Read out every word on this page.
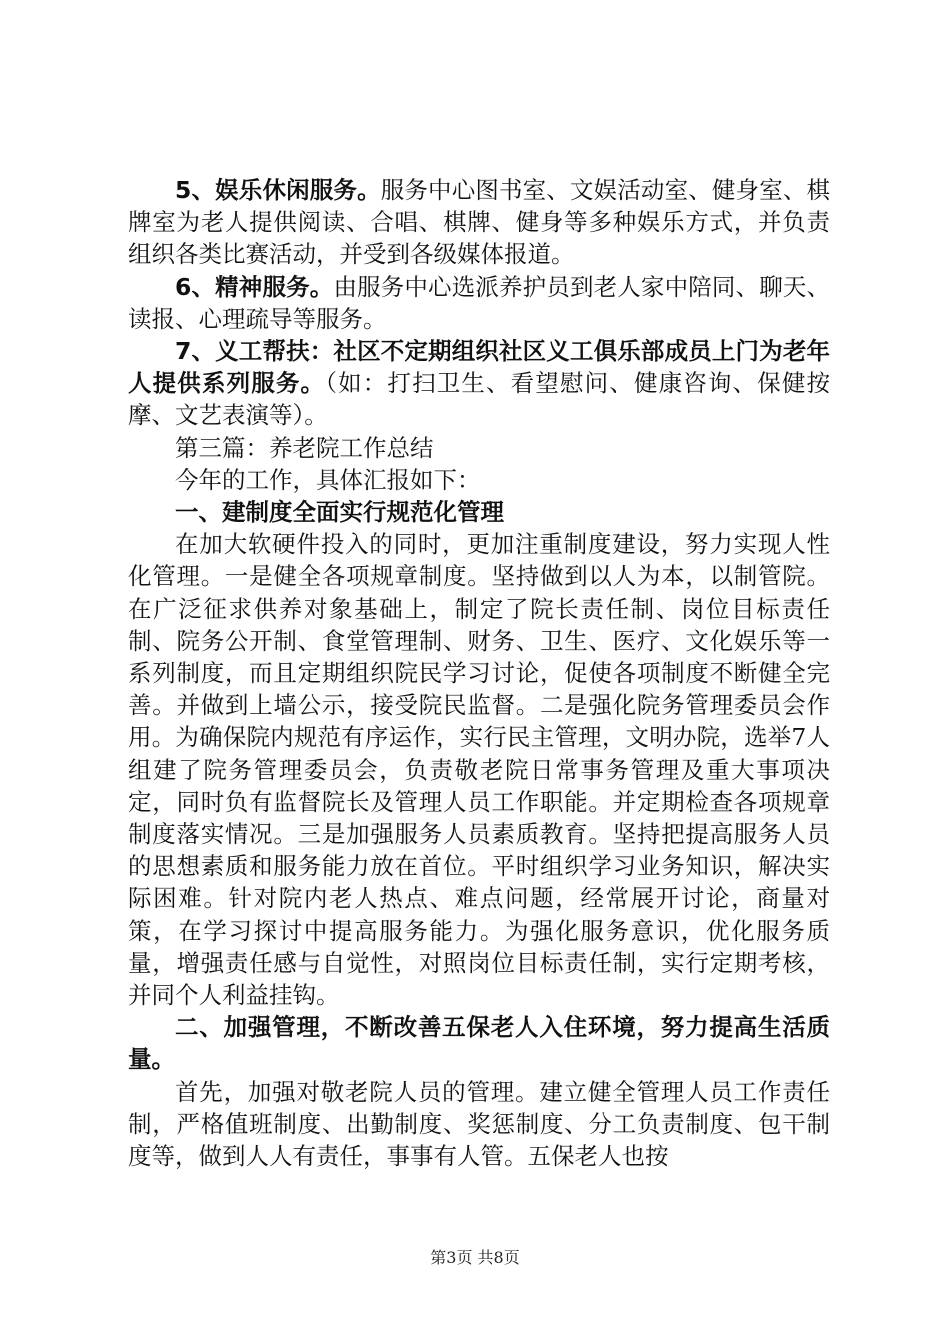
5、娱乐休闲服务。服务中心图书室、文娱活动室、健身室、棋牌室为老人提供阅读、合唱、棋牌、健身等多种娱乐方式，并负责组织各类比赛活动，并受到各级媒体报道。

6、精神服务。由服务中心选派养护员到老人家中陪同、聊天、读报、心理疏导等服务。

7、义工帮扶：社区不定期组织社区义工俱乐部成员上门为老年人提供系列服务。（如：打扫卫生、看望慰问、健康咨询、保健按摩、文艺表演等）。

第三篇：养老院工作总结

今年的工作，具体汇报如下：

一、建制度全面实行规范化管理

在加大软硬件投入的同时，更加注重制度建设，努力实现人性化管理。一是健全各项规章制度。坚持做到以人为本，以制管院。在广泛征求供养对象基础上，制定了院长责任制、岗位目标责任制、院务公开制、食堂管理制、财务、卫生、医疗、文化娱乐等一系列制度，而且定期组织院民学习讨论，促使各项制度不断健全完善。并做到上墙公示，接受院民监督。二是强化院务管理委员会作用。为确保院内规范有序运作，实行民主管理，文明办院，选举7人组建了院务管理委员会，负责敬老院日常事务管理及重大事项决定，同时负有监督院长及管理人员工作职能。并定期检查各项规章制度落实情况。三是加强服务人员素质教育。坚持把提高服务人员的思想素质和服务能力放在首位。平时组织学习业务知识，解决实际困难。针对院内老人热点、难点问题，经常展开讨论，商量对策，在学习探讨中提高服务能力。为强化服务意识，优化服务质量，增强责任感与自觉性，对照岗位目标责任制，实行定期考核，并同个人利益挂钩。

二、加强管理，不断改善五保老人入住环境，努力提高生活质量。

首先，加强对敬老院人员的管理。建立健全管理人员工作责任制，严格值班制度、出勤制度、奖惩制度、分工负责制度、包干制度等，做到人人有责任，事事有人管。五保老人也按

第3页 共8页
